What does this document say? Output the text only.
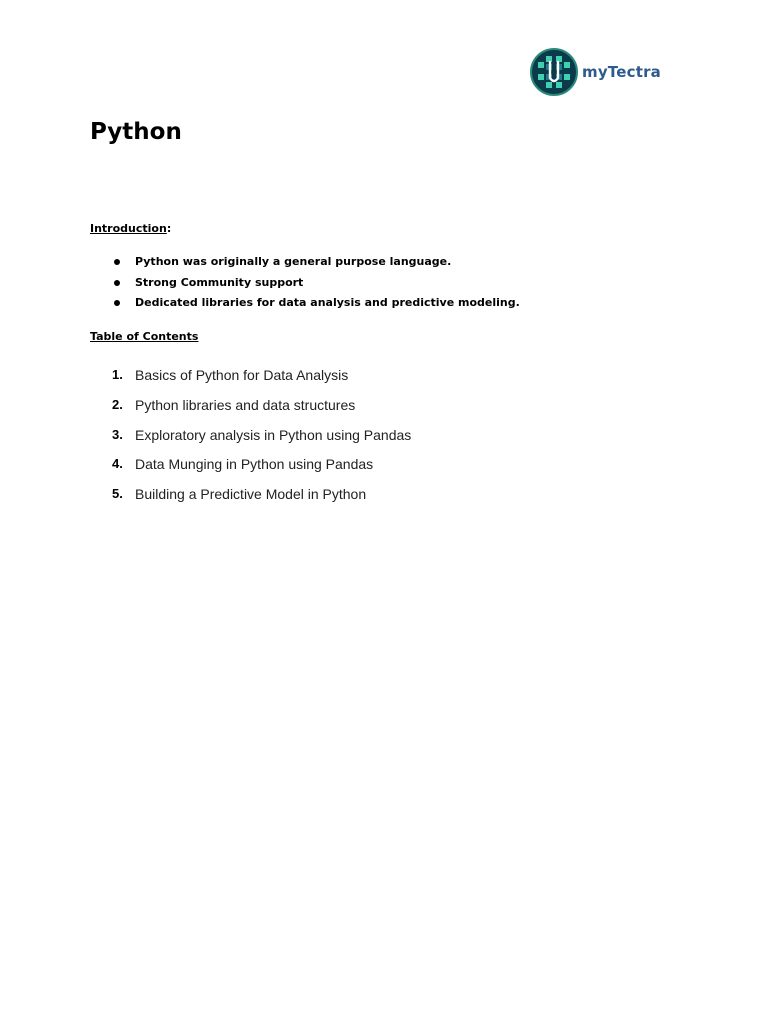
myTectra
Python

Introduction:

Python was originally a general purpose language.
Strong Community support
Dedicated libraries for data analysis and predictive modeling.

Table of Contents

1. Basics of Python for Data Analysis
2. Python libraries and data structures
3. Exploratory analysis in Python using Pandas
4. Data Munging in Python using Pandas
5. Building a Predictive Model in Python
